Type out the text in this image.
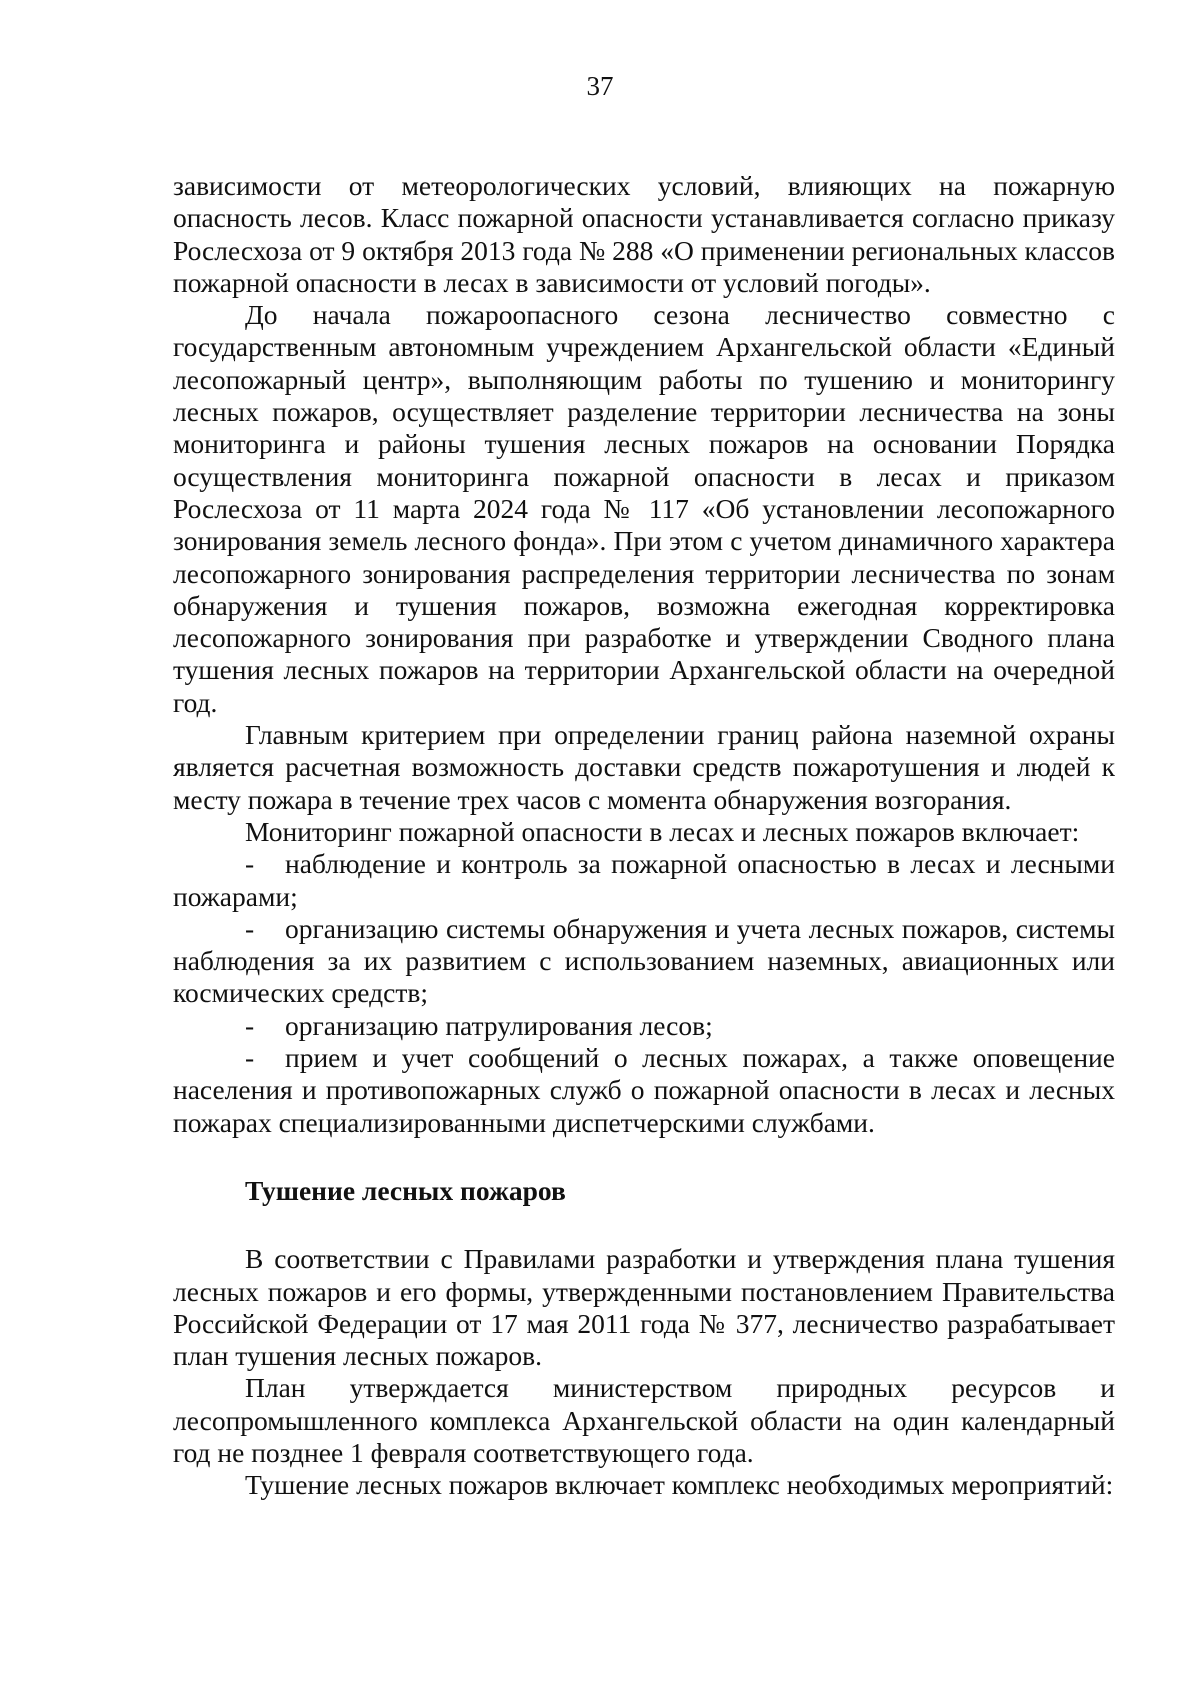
37

зависимости от метеорологических условий, влияющих на пожарную опасность лесов. Класс пожарной опасности устанавливается согласно приказу Рослесхоза от 9 октября 2013 года № 288 «О применении региональных классов пожарной опасности в лесах в зависимости от условий погоды».

До начала пожароопасного сезона лесничество совместно с государственным автономным учреждением Архангельской области «Единый лесопожарный центр», выполняющим работы по тушению и мониторингу лесных пожаров, осуществляет разделение территории лесничества на зоны мониторинга и районы тушения лесных пожаров на основании Порядка осуществления мониторинга пожарной опасности в лесах и приказом Рослесхоза от 11 марта 2024 года № 117 «Об установлении лесопожарного зонирования земель лесного фонда». При этом с учетом динамичного характера лесопожарного зонирования распределения территории лесничества по зонам обнаружения и тушения пожаров, возможна ежегодная корректировка лесопожарного зонирования при разработке и утверждении Сводного плана тушения лесных пожаров на территории Архангельской области на очередной год.

Главным критерием при определении границ района наземной охраны является расчетная возможность доставки средств пожаротушения и людей к месту пожара в течение трех часов с момента обнаружения возгорания.

Мониторинг пожарной опасности в лесах и лесных пожаров включает:

- наблюдение и контроль за пожарной опасностью в лесах и лесными пожарами;

- организацию системы обнаружения и учета лесных пожаров, системы наблюдения за их развитием с использованием наземных, авиационных или космических средств;

- организацию патрулирования лесов;

- прием и учет сообщений о лесных пожарах, а также оповещение населения и противопожарных служб о пожарной опасности в лесах и лесных пожарах специализированными диспетчерскими службами.

Тушение лесных пожаров

В соответствии с Правилами разработки и утверждения плана тушения лесных пожаров и его формы, утвержденными постановлением Правительства Российской Федерации от 17 мая 2011 года № 377, лесничество разрабатывает план тушения лесных пожаров.

План утверждается министерством природных ресурсов и лесопромышленного комплекса Архангельской области на один календарный год не позднее 1 февраля соответствующего года.

Тушение лесных пожаров включает комплекс необходимых мероприятий:
